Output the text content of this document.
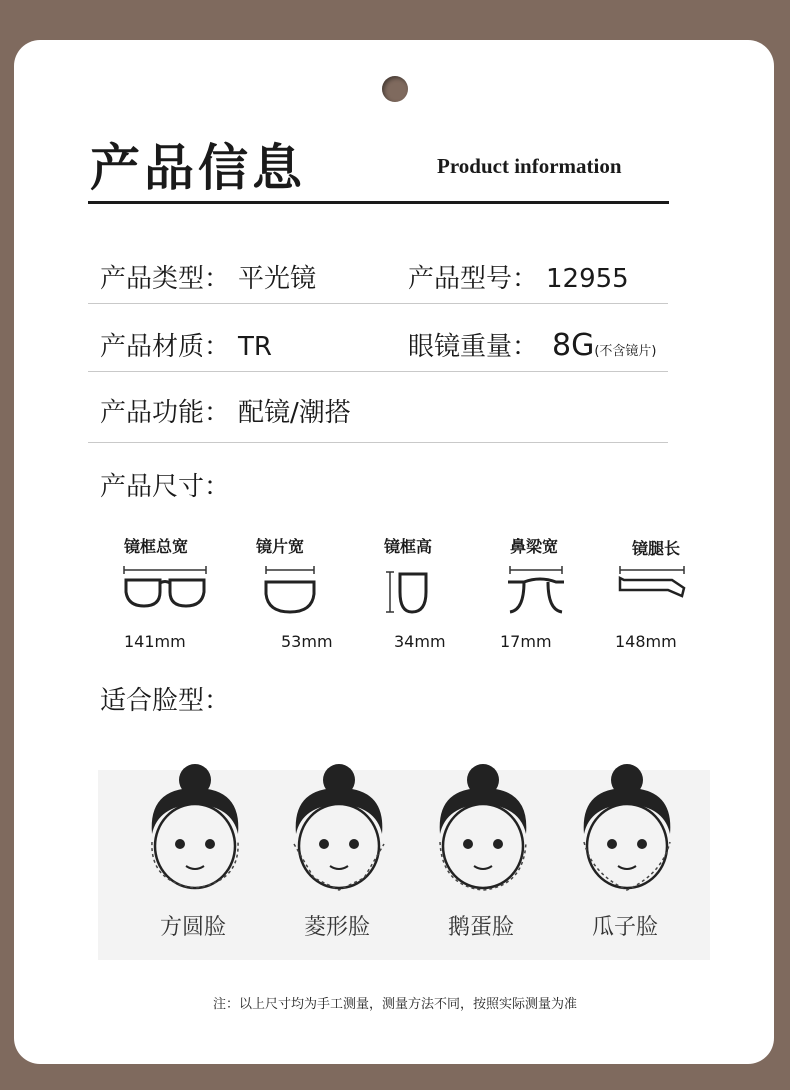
产品信息	Product information
产品类型： 平光镜	产品型号： 12955
产品材质： TR	眼镜重量： 8G(不含镜片)
产品功能： 配镜/潮搭
产品尺寸：
镜框总宽
141mm
镜片宽
53mm
镜框高
34mm
鼻梁宽
17mm
镜腿长
148mm
适合脸型：
方圆脸	菱形脸	鹅蛋脸	瓜子脸
注：以上尺寸均为手工测量，测量方法不同，按照实际测量为准
